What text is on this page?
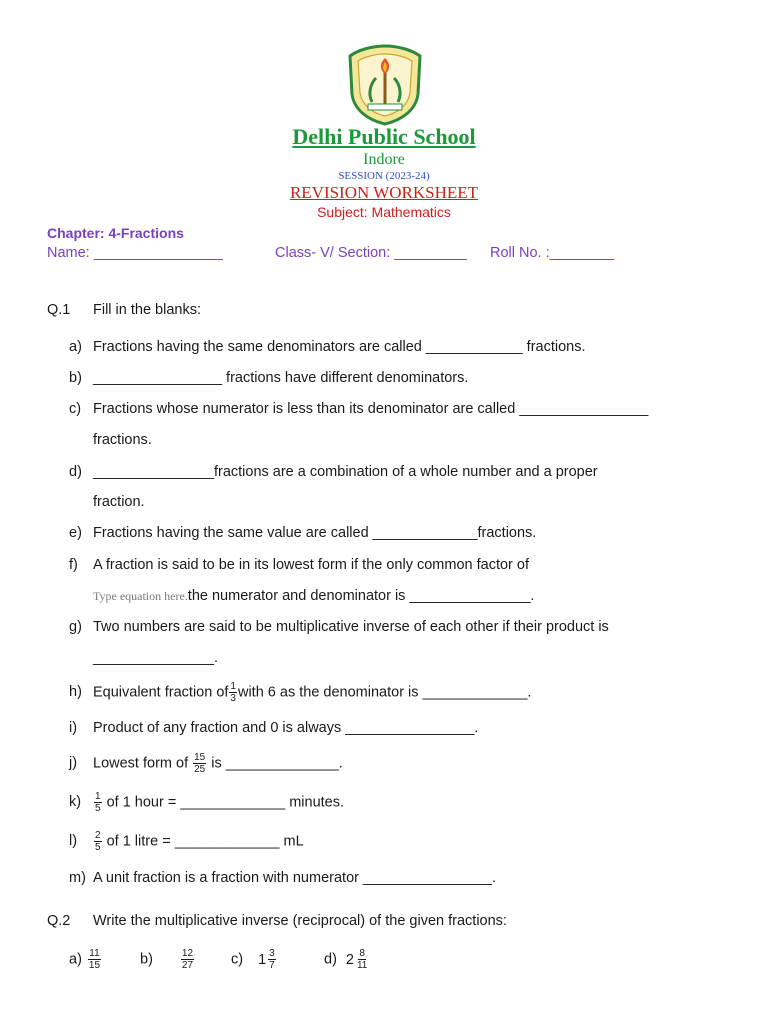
Delhi Public School
Indore
SESSION (2023-24)
REVISION WORKSHEET
Subject: Mathematics
Chapter: 4-Fractions
Name: ________________	Class- V/ Section: _________ Roll No. :________
Q.1 Fill in the blanks:
a) Fractions having the same denominators are called ____________ fractions.
b) ________________ fractions have different denominators.
c) Fractions whose numerator is less than its denominator are called ________________
fractions.
d) _______________fractions are a combination of a whole number and a proper
fraction.
e) Fractions having the same value are called _____________fractions.
f) A fraction is said to be in its lowest form if the only common factor of
Type equation here.the numerator and denominator is _______________.
g) Two numbers are said to be multiplicative inverse of each other if their product is
_______________.
h) Equivalent fraction of $\frac{1}{3}$ with 6 as the denominator is _____________.
i) Product of any fraction and 0 is always ________________.
j) Lowest form of $\frac{15}{25}$ is ______________.
$k) \frac{1}{5}$ of 1 hour = _____________ minutes.
$l) \frac{2}{5}$ of 1 litre = _____________ mL
m) A unit fraction is a fraction with numerator ________________.
Q.2 Write the multiplicative inverse (reciprocal) of the given fractions:
$a) \frac{11}{15}$	b)	$\frac{12}{27}$	c) $1 \frac{3}{7}$	d) $2 \frac{8}{11}$
